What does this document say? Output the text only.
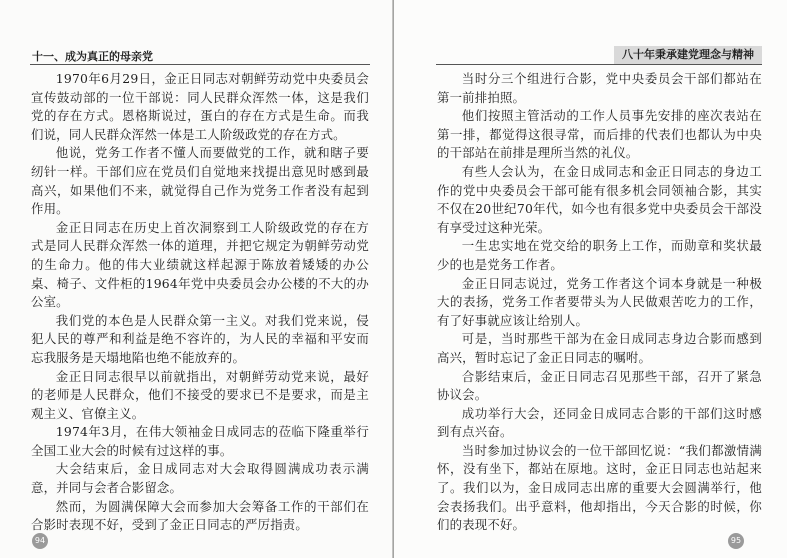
十一、成为真正的母亲党

1970年6月29日，金正日同志对朝鲜劳动党中央委员会宣传鼓动部的一位干部说：同人民群众浑然一体，这是我们党的存在方式。恩格斯说过，蛋白的存在方式是生命。而我们说，同人民群众浑然一体是工人阶级政党的存在方式。

他说，党务工作者不懂人而要做党的工作，就和瞎子要纫针一样。干部们应在党员们自觉地来找提出意见时感到最高兴，如果他们不来，就觉得自己作为党务工作者没有起到作用。

金正日同志在历史上首次洞察到工人阶级政党的存在方式是同人民群众浑然一体的道理，并把它规定为朝鲜劳动党的生命力。他的伟大业绩就这样起源于陈放着矮矮的办公桌、椅子、文件柜的1964年党中央委员会办公楼的不大的办公室。

我们党的本色是人民群众第一主义。对我们党来说，侵犯人民的尊严和利益是绝不容许的，为人民的幸福和平安而忘我服务是天塌地陷也绝不能放弃的。

金正日同志很早以前就指出，对朝鲜劳动党来说，最好的老师是人民群众，他们不接受的要求已不是要求，而是主观主义、官僚主义。

1974年3月，在伟大领袖金日成同志的莅临下隆重举行全国工业大会的时候有过这样的事。

大会结束后，金日成同志对大会取得圆满成功表示满意，并同与会者合影留念。

然而，为圆满保障大会而参加大会筹备工作的干部们在合影时表现不好，受到了金正日同志的严厉指责。

94
八十年秉承建党理念与精神

当时分三个组进行合影，党中央委员会干部们都站在第一前排拍照。

他们按照主管活动的工作人员事先安排的座次表站在第一排，都觉得这很寻常，而后排的代表们也都认为中央的干部站在前排是理所当然的礼仪。

有些人会认为，在金日成同志和金正日同志的身边工作的党中央委员会干部可能有很多机会同领袖合影，其实不仅在20世纪70年代，如今也有很多党中央委员会干部没有享受过这种光荣。

一生忠实地在党交给的职务上工作，而勋章和奖状最少的也是党务工作者。

金正日同志说过，党务工作者这个词本身就是一种极大的表扬，党务工作者要带头为人民做艰苦吃力的工作，有了好事就应该让给别人。

可是，当时那些干部为在金日成同志身边合影而感到高兴，暂时忘记了金正日同志的嘱咐。

合影结束后，金正日同志召见那些干部，召开了紧急协议会。

成功举行大会，还同金日成同志合影的干部们这时感到有点兴奋。

当时参加过协议会的一位干部回忆说：“我们都激情满怀，没有坐下，都站在原地。这时，金正日同志也站起来了。我们以为，金日成同志出席的重要大会圆满举行，他会表扬我们。出乎意料，他却指出，今天合影的时候，你们的表现不好。

95
